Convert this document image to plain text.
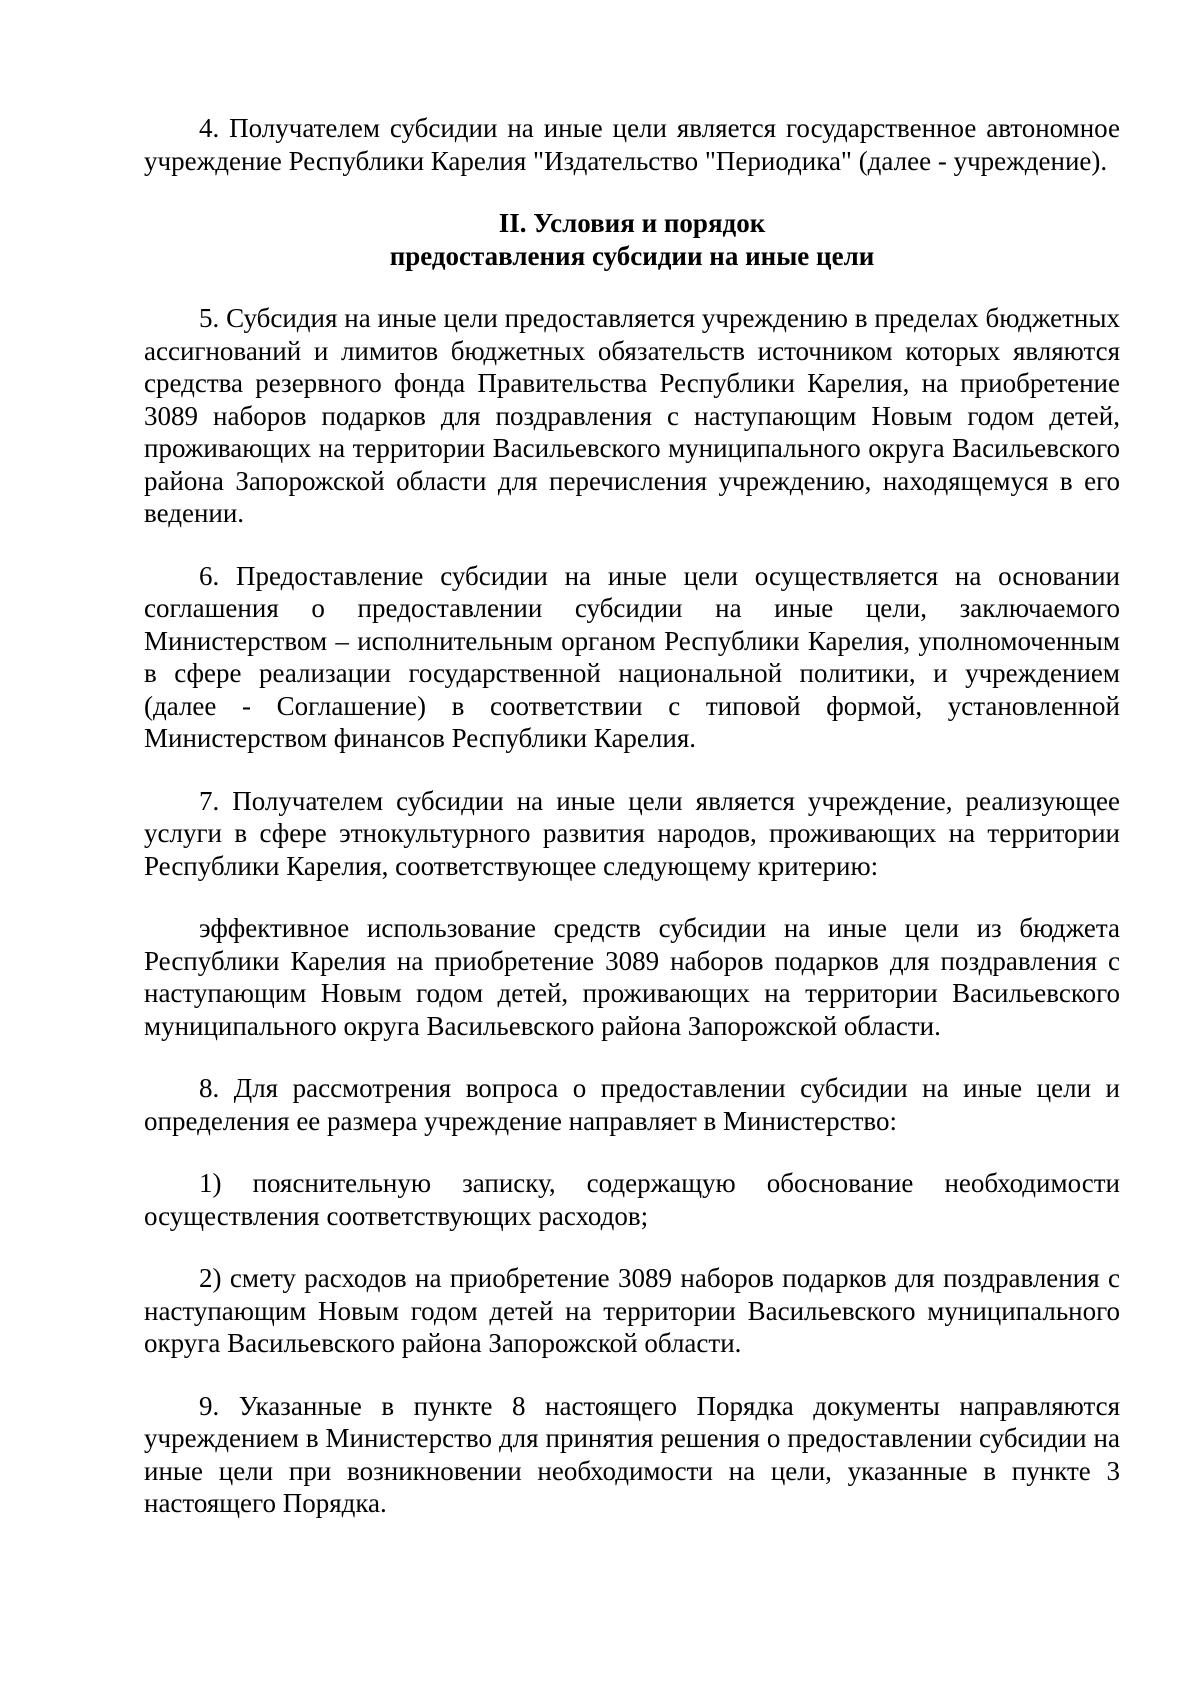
4. Получателем субсидии на иные цели является государственное автономное учреждение Республики Карелия "Издательство "Периодика" (далее - учреждение).

II. Условия и порядок

предоставления субсидии на иные цели

5. Субсидия на иные цели предоставляется учреждению в пределах бюджетных ассигнований и лимитов бюджетных обязательств источником которых являются средства резервного фонда Правительства Республики Карелия, на приобретение 3089 наборов подарков для поздравления с наступающим Новым годом детей, проживающих на территории Васильевского муниципального округа Васильевского района Запорожской области для перечисления учреждению, находящемуся в его ведении.

6. Предоставление субсидии на иные цели осуществляется на основании соглашения о предоставлении субсидии на иные цели, заключаемого Министерством – исполнительным органом Республики Карелия, уполномоченным в сфере реализации государственной национальной политики, и учреждением (далее - Соглашение) в соответствии с типовой формой, установленной Министерством финансов Республики Карелия.

7. Получателем субсидии на иные цели является учреждение, реализующее услуги в сфере этнокультурного развития народов, проживающих на территории Республики Карелия, соответствующее следующему критерию:

эффективное использование средств субсидии на иные цели из бюджета Республики Карелия на приобретение 3089 наборов подарков для поздравления с наступающим Новым годом детей, проживающих на территории Васильевского муниципального округа Васильевского района Запорожской области.

8. Для рассмотрения вопроса о предоставлении субсидии на иные цели и определения ее размера учреждение направляет в Министерство:

1) пояснительную записку, содержащую обоснование необходимости осуществления соответствующих расходов;

2) смету расходов на приобретение 3089 наборов подарков для поздравления с наступающим Новым годом детей на территории Васильевского муниципального округа Васильевского района Запорожской области.

9. Указанные в пункте 8 настоящего Порядка документы направляются учреждением в Министерство для принятия решения о предоставлении субсидии на иные цели при возникновении необходимости на цели, указанные в пункте 3 настоящего Порядка.
